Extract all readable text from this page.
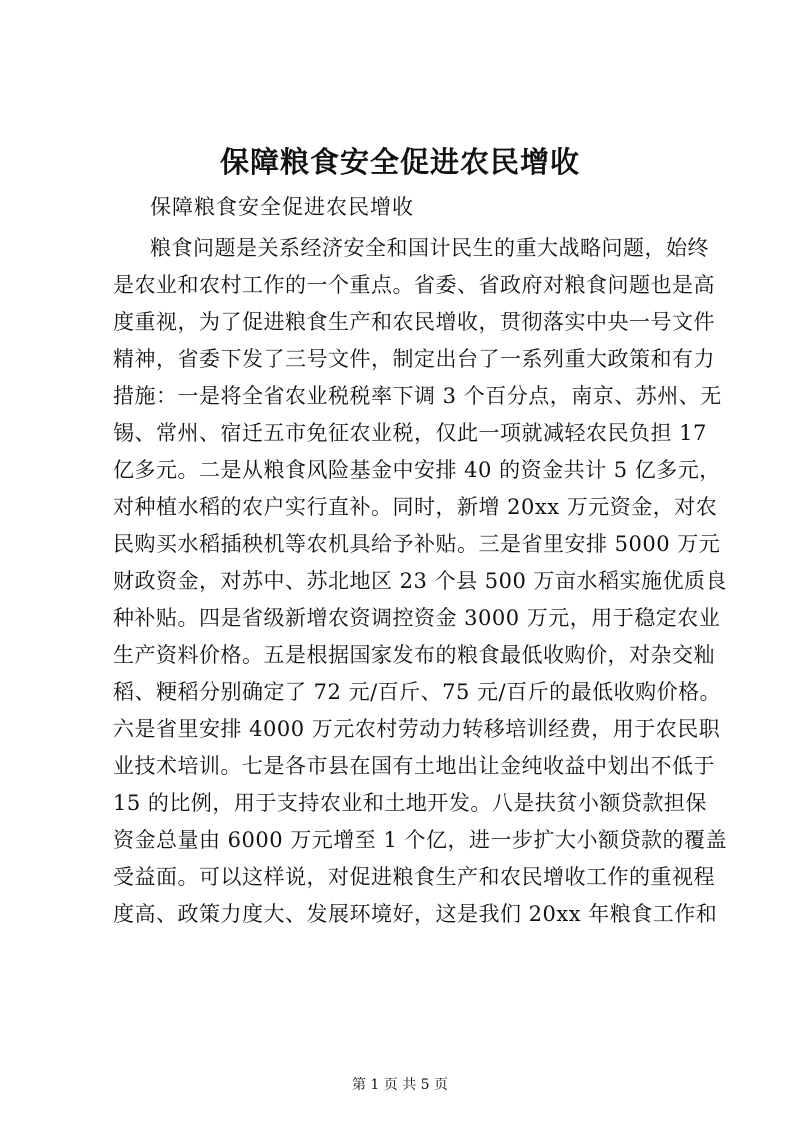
保障粮食安全促进农民增收
保障粮食安全促进农民增收
粮食问题是关系经济安全和国计民生的重大战略问题，始终
是农业和农村工作的一个重点。省委、省政府对粮食问题也是高
度重视，为了促进粮食生产和农民增收，贯彻落实中央一号文件
精神，省委下发了三号文件，制定出台了一系列重大政策和有力
措施：一是将全省农业税税率下调 3 个百分点，南京、苏州、无
锡、常州、宿迁五市免征农业税，仅此一项就减轻农民负担 17
亿多元。二是从粮食风险基金中安排 40 的资金共计 5 亿多元，
对种植水稻的农户实行直补。同时，新增 20xx 万元资金，对农
民购买水稻插秧机等农机具给予补贴。三是省里安排 5000 万元
财政资金，对苏中、苏北地区 23 个县 500 万亩水稻实施优质良
种补贴。四是省级新增农资调控资金 3000 万元，用于稳定农业
生产资料价格。五是根据国家发布的粮食最低收购价，对杂交籼
稻、粳稻分别确定了 72 元/百斤、75 元/百斤的最低收购价格。
六是省里安排 4000 万元农村劳动力转移培训经费，用于农民职
业技术培训。七是各市县在国有土地出让金纯收益中划出不低于
15 的比例，用于支持农业和土地开发。八是扶贫小额贷款担保
资金总量由 6000 万元增至 1 个亿，进一步扩大小额贷款的覆盖
受益面。可以这样说，对促进粮食生产和农民增收工作的重视程
度高、政策力度大、发展环境好，这是我们 20xx 年粮食工作和
第 1 页 共 5 页
